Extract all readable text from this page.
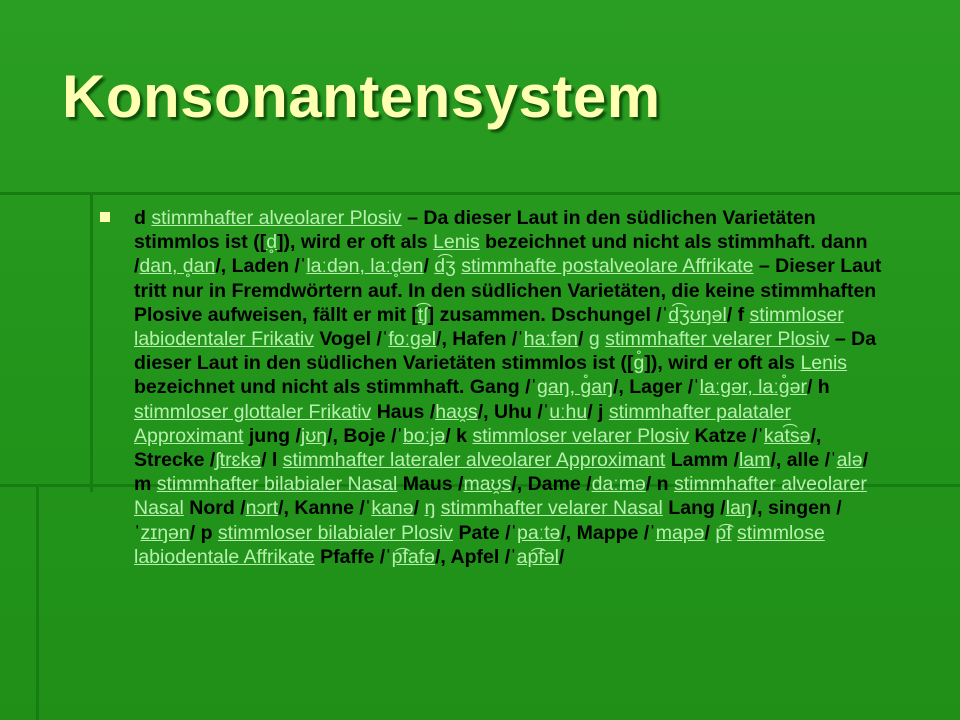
Konsonantensystem
d stimmhafter alveolarer Plosiv – Da dieser Laut in den südlichen Varietäten stimmlos ist ([d̥]), wird er oft als Lenis bezeichnet und nicht als stimmhaft. dann /dan, d̥an/, Laden /ˈlaːdən, laːd̥ən/ d͡ʒ stimmhafte postalveolare Affrikate – Dieser Laut tritt nur in Fremdwörtern auf. In den südlichen Varietäten, die keine stimmhaften Plosive aufweisen, fällt er mit [t͡ʃ] zusammen. Dschungel /ˈd͡ʒʊŋəl/ f stimmloser labiodentaler Frikativ Vogel /ˈfoːɡəl/, Hafen /ˈhaːfən/ ɡ stimmhafter velarer Plosiv – Da dieser Laut in den südlichen Varietäten stimmlos ist ([ɡ̊]), wird er oft als Lenis bezeichnet und nicht als stimmhaft. Gang /ˈɡaŋ, ɡ̊aŋ/, Lager /ˈlaːɡər, laːɡ̊ər/ h stimmloser glottaler Frikativ Haus /haʊ̯s/, Uhu /ˈuːhu/ j stimmhafter palataler Approximant jung /jʊŋ/, Boje /ˈboːjə/ k stimmloser velarer Plosiv Katze /ˈkat͡sə/, Strecke /ʃtrɛkə/ l stimmhafter lateraler alveolarer Approximant Lamm /lam/, alle /ˈalə/ m stimmhafter bilabialer Nasal Maus /maʊ̯s/, Dame /daːmə/ n stimmhafter alveolarer Nasal Nord /nɔrt/, Kanne /ˈkanə/ ŋ stimmhafter velarer Nasal Lang /laŋ/, singen /ˈzɪŋən/ p stimmloser bilabialer Plosiv Pate /ˈpaːtə/, Mappe /ˈmapə/ p͡f stimmlose labiodentale Affrikate Pfaffe /ˈp͡fafə/, Apfel /ˈap͡fəl/
